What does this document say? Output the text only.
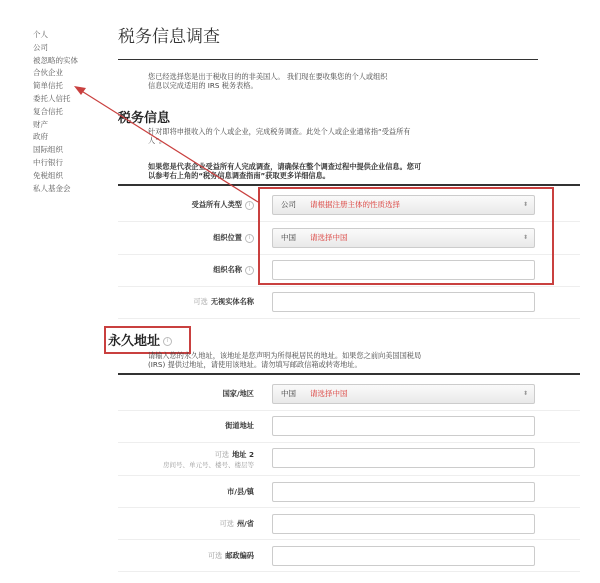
个人
公司
被忽略的实体
合伙企业
简单信托
委托人信托
复合信托
财产
政府
国际组织
中行银行
免税组织
私人基金会
税务信息调查
您已经选择您是出于税收目的的非美国人。 我们现在要收集您的个人或组织信息以完成适用的 IRS 税务表格。
税务信息
针对即将申报收入的个人或企业，完成税务调查。此处个人或企业通常指“受益所有人”。
如果您是代表企业受益所有人完成调查，请确保在整个调查过程中提供企业信息。您可以参考右上角的“税务信息调查指南”获取更多详细信息。
受益所有人类型 i	公司 请根据注册主体的性质选择	⬍
组织位置 i	中国 请选择中国	⬍
组织名称 i
可选 无视实体名称
永久地址 i
请输入您的永久地址，该地址是您声明为所得税居民的地址。如果您之前向美国国税局 (IRS) 提供过地址，请使用该地址。请勿填写邮政信箱或转寄地址。
国家/地区	中国 请选择中国	⬍
街道地址
可选 地址 2
房间号、单元号、楼号、楼层等
市/县/镇
可选 州/省
可选 邮政编码
